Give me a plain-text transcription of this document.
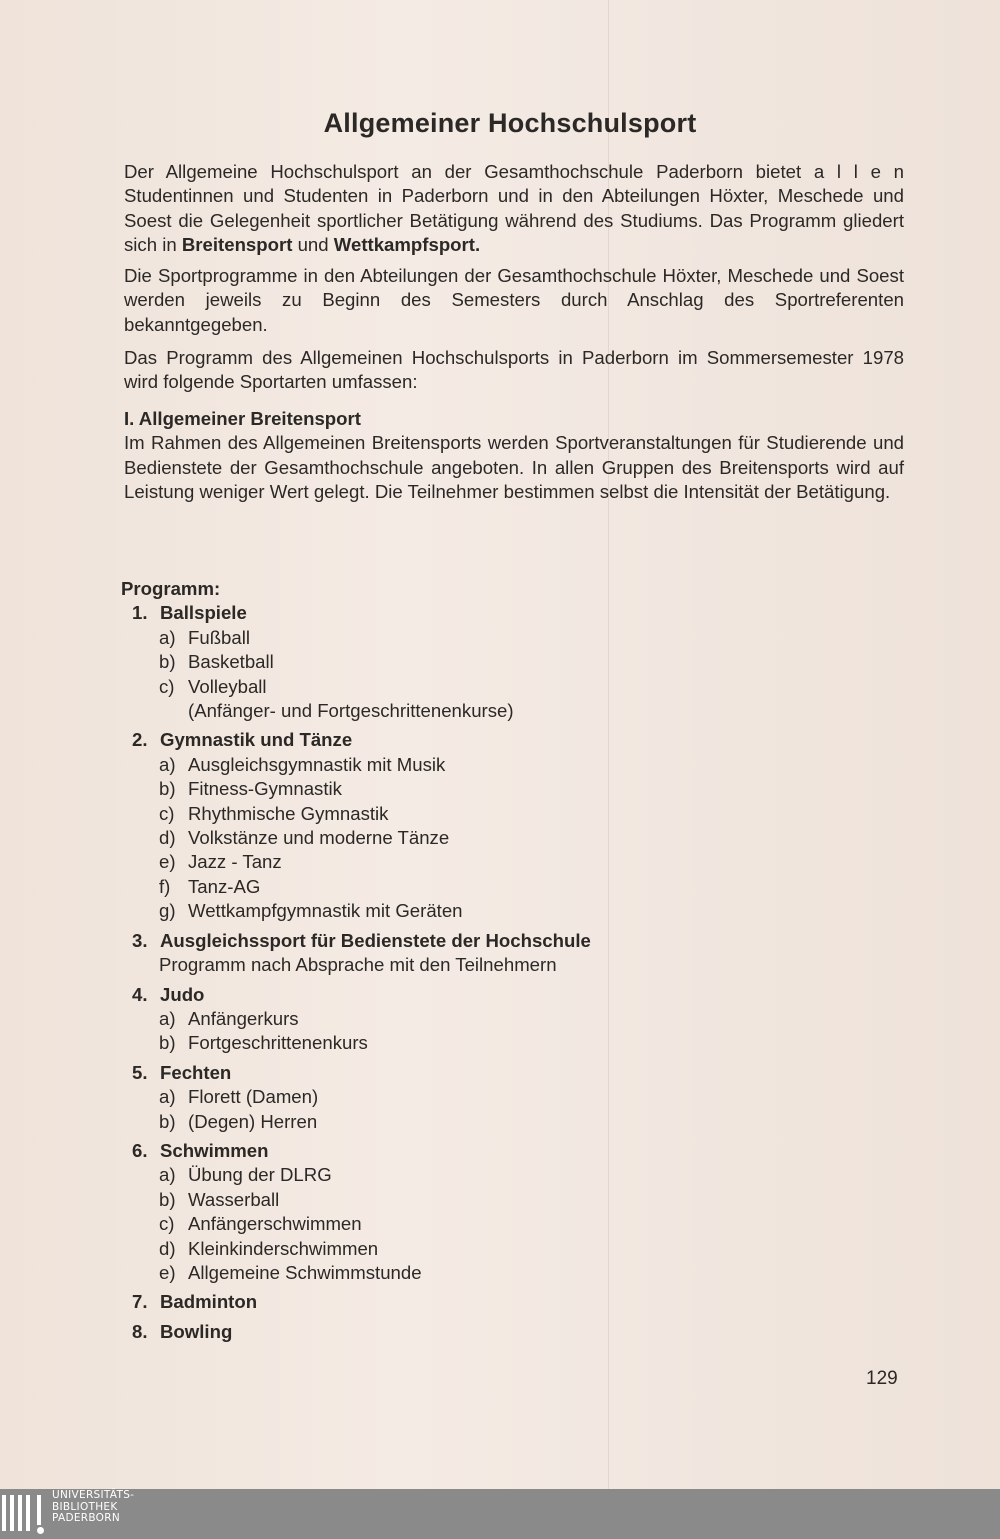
Allgemeiner Hochschulsport

Der Allgemeine Hochschulsport an der Gesamthochschule Paderborn bietet a l l e n Studentinnen und Studenten in Paderborn und in den Abteilungen Höxter, Meschede und Soest die Gelegenheit sportlicher Betätigung während des Studiums. Das Programm gliedert sich in Breitensport und Wettkampfsport.

Die Sportprogramme in den Abteilungen der Gesamthochschule Höxter, Meschede und Soest werden jeweils zu Beginn des Semesters durch Anschlag des Sportreferenten bekanntgegeben.

Das Programm des Allgemeinen Hochschulsports in Paderborn im Sommersemester 1978 wird folgende Sportarten umfassen:

I. Allgemeiner Breitensport

Im Rahmen des Allgemeinen Breitensports werden Sportveranstaltungen für Studierende und Bedienstete der Gesamthochschule angeboten. In allen Gruppen des Breitensports wird auf Leistung weniger Wert gelegt. Die Teilnehmer bestimmen selbst die Intensität der Betätigung.

Programm:
1. Ballspiele
a) Fußball
b) Basketball
c) Volleyball
(Anfänger- und Fortgeschrittenenkurse)
2. Gymnastik und Tänze
a) Ausgleichsgymnastik mit Musik
b) Fitness-Gymnastik
c) Rhythmische Gymnastik
d) Volkstänze und moderne Tänze
e) Jazz - Tanz
f) Tanz-AG
g) Wettkampfgymnastik mit Geräten
3. Ausgleichssport für Bedienstete der Hochschule
Programm nach Absprache mit den Teilnehmern
4. Judo
a) Anfängerkurs
b) Fortgeschrittenenkurs
5. Fechten
a) Florett (Damen)
b) (Degen) Herren
6. Schwimmen
a) Übung der DLRG
b) Wasserball
c) Anfängerschwimmen
d) Kleinkinderschwimmen
e) Allgemeine Schwimmstunde
7. Badminton
8. Bowling
129
UNIVERSITÄTS-
BIBLIOTHEK
PADERBORN
